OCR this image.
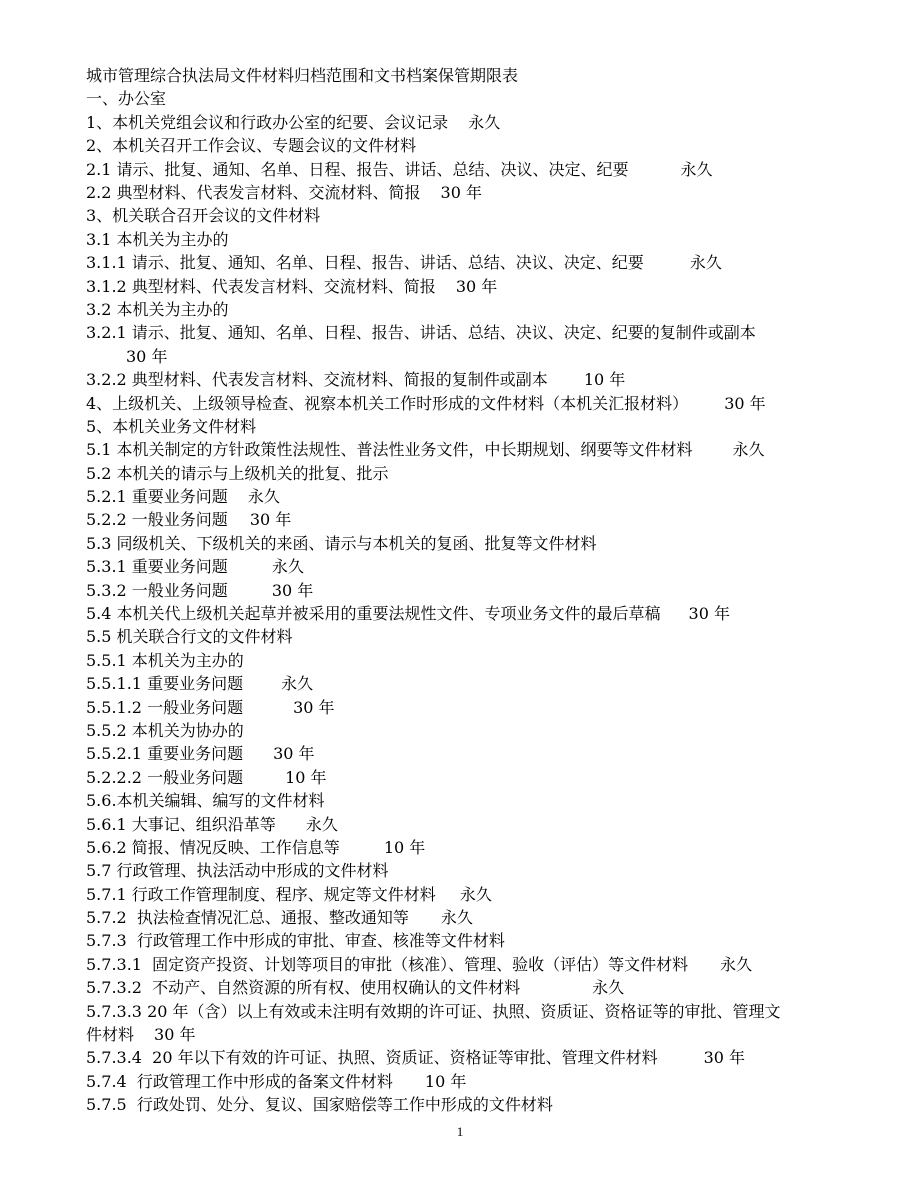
城市管理综合执法局文件材料归档范围和文书档案保管期限表
一、办公室
1、本机关党组会议和行政办公室的纪要、会议记录 永久
2、本机关召开工作会议、专题会议的文件材料
2.1 请示、批复、通知、名单、日程、报告、讲话、总结、决议、决定、纪要	永久
2.2 典型材料、代表发言材料、交流材料、简报 30 年
3、机关联合召开会议的文件材料
3.1 本机关为主办的
3.1.1 请示、批复、通知、名单、日程、报告、讲话、总结、决议、决定、纪要	永久
3.1.2 典型材料、代表发言材料、交流材料、简报 30 年
3.2 本机关为主办的
3.2.1 请示、批复、通知、名单、日程、报告、讲话、总结、决议、决定、纪要的复制件或副本
30 年
3.2.2 典型材料、代表发言材料、交流材料、简报的复制件或副本 10 年
4、上级机关、上级领导检查、视察本机关工作时形成的文件材料（本机关汇报材料） 30 年
5、本机关业务文件材料
5.1 本机关制定的方针政策性法规性、普法性业务文件，中长期规划、纲要等文件材料	永久
5.2 本机关的请示与上级机关的批复、批示
5.2.1 重要业务问题 永久
5.2.2 一般业务问题 30 年
5.3 同级机关、下级机关的来函、请示与本机关的复函、批复等文件材料
5.3.1 重要业务问题	永久
5.3.2 一般业务问题	30 年
5.4 本机关代上级机关起草并被采用的重要法规性文件、专项业务文件的最后草稿 30 年
5.5 机关联合行文的文件材料
5.5.1 本机关为主办的
5.5.1.1 重要业务问题 永久
5.5.1.2 一般业务问题	30 年
5.5.2 本机关为协办的
5.5.2.1 重要业务问题 30 年
5.2.2.2 一般业务问题	10 年
5.6.本机关编辑、编写的文件材料
5.6.1 大事记、组织沿革等 永久
5.6.2 简报、情况反映、工作信息等	10 年
5.7 行政管理、执法活动中形成的文件材料
5.7.1 行政工作管理制度、程序、规定等文件材料 永久
5.7.2  执法检查情况汇总、通报、整改通知等 永久
5.7.3  行政管理工作中形成的审批、审查、核准等文件材料
5.7.3.1  固定资产投资、计划等项目的审批（核准）、管理、验收（评估）等文件材料 永久
5.7.3.2  不动产、自然资源的所有权、使用权确认的文件材料	永久
5.7.3.3 20 年（含）以上有效或未注明有效期的许可证、执照、资质证、资格证等的审批、管理文
件材料 30 年
5.7.3.4  20 年以下有效的许可证、执照、资质证、资格证等审批、管理文件材料	30 年
5.7.4  行政管理工作中形成的备案文件材料 10 年
5.7.5  行政处罚、处分、复议、国家赔偿等工作中形成的文件材料
1
